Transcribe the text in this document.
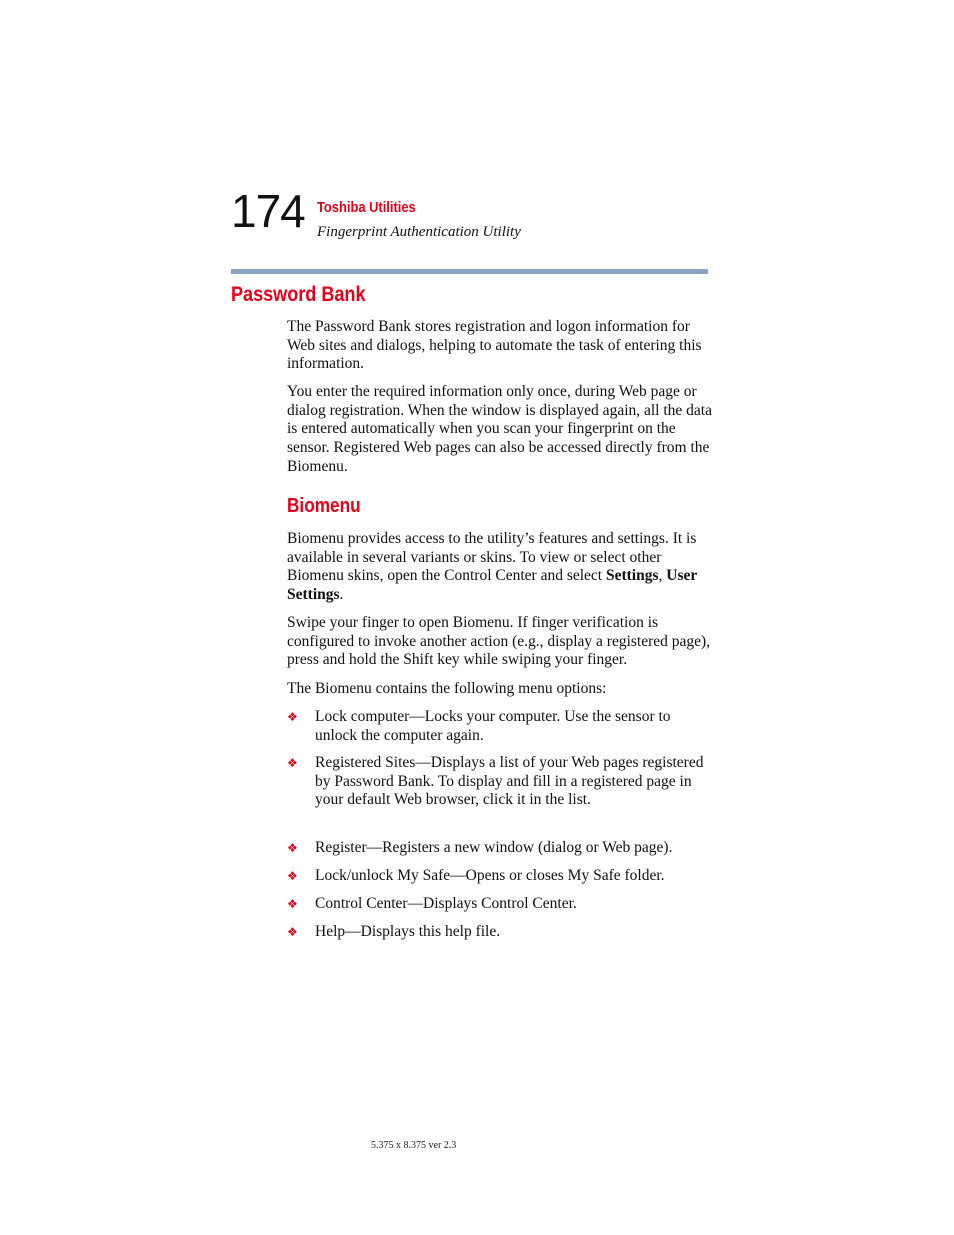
174 Toshiba Utilities
Fingerprint Authentication Utility
Password Bank

The Password Bank stores registration and logon information for Web sites and dialogs, helping to automate the task of entering this information.

You enter the required information only once, during Web page or dialog registration. When the window is displayed again, all the data is entered automatically when you scan your fingerprint on the sensor. Registered Web pages can also be accessed directly from the Biomenu.

Biomenu

Biomenu provides access to the utility’s features and settings. It is available in several variants or skins. To view or select other Biomenu skins, open the Control Center and select Settings, User Settings.

Swipe your finger to open Biomenu. If finger verification is configured to invoke another action (e.g., display a registered page), press and hold the Shift key while swiping your finger.

The Biomenu contains the following menu options:

❖	Lock computer—Locks your computer. Use the sensor to unlock the computer again.
❖	Registered Sites—Displays a list of your Web pages registered by Password Bank. To display and fill in a registered page in your default Web browser, click it in the list.
❖	Register—Registers a new window (dialog or Web page).
❖	Lock/unlock My Safe—Opens or closes My Safe folder.
❖	Control Center—Displays Control Center.
❖	Help—Displays this help file.
5.375 x 8.375 ver 2.3
